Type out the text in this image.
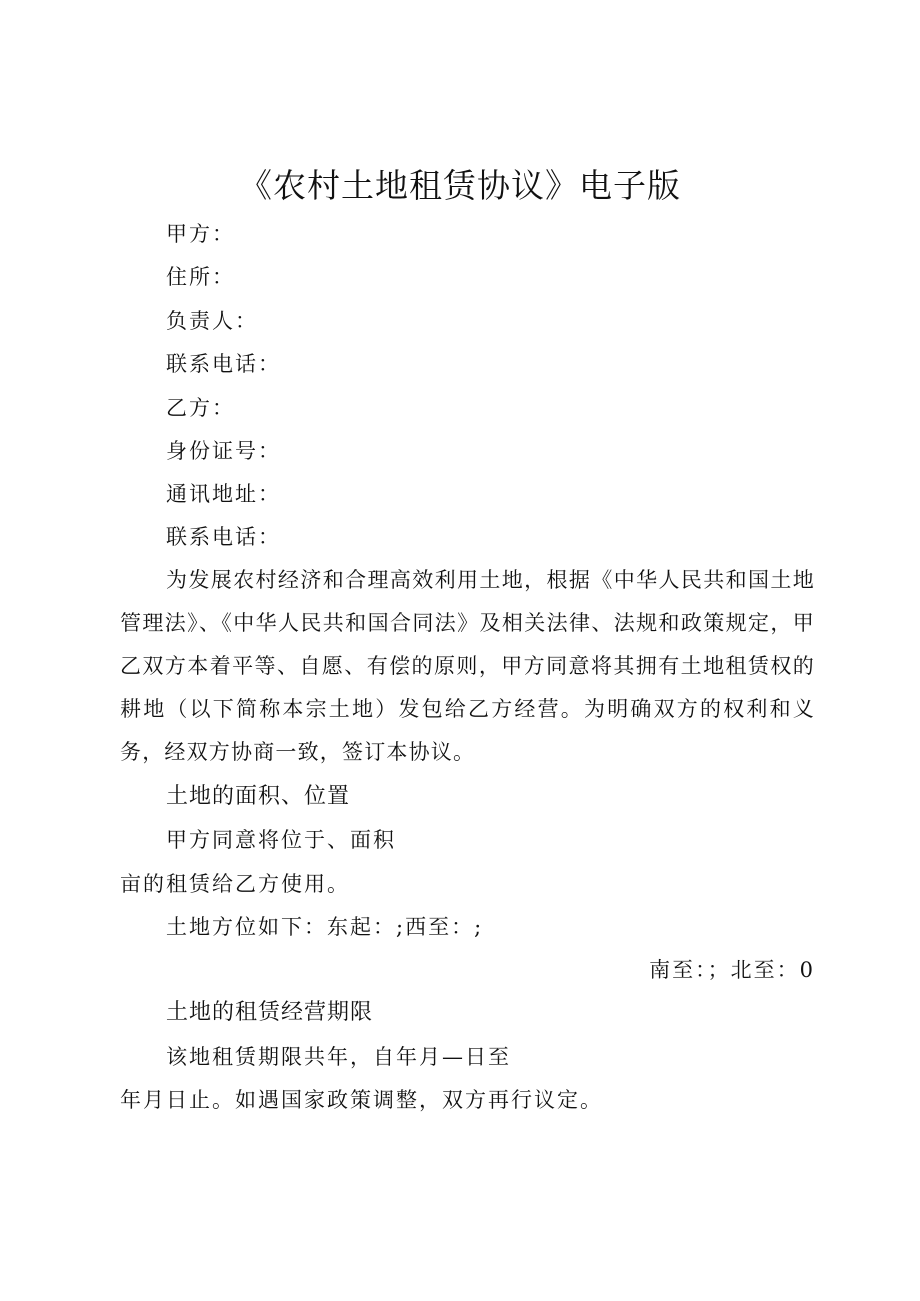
《农村土地租赁协议》电子版
甲方：
住所：
负责人：
联系电话：
乙方：
身份证号：
通讯地址：
联系电话：

为发展农村经济和合理高效利用土地，根据《中华人民共和国土地管理法》、《中华人民共和国合同法》及相关法律、法规和政策规定，甲乙双方本着平等、自愿、有偿的原则，甲方同意将其拥有土地租赁权的耕地（以下简称本宗土地）发包给乙方经营。为明确双方的权利和义务，经双方协商一致，签订本协议。

土地的面积、位置
甲方同意将位于、面积
亩的租赁给乙方使用。
土地方位如下：东起：;西至：;
南至：；北至：0
土地的租赁经营期限
该地租赁期限共年，自年月—日至
年月日止。如遇国家政策调整，双方再行议定。
